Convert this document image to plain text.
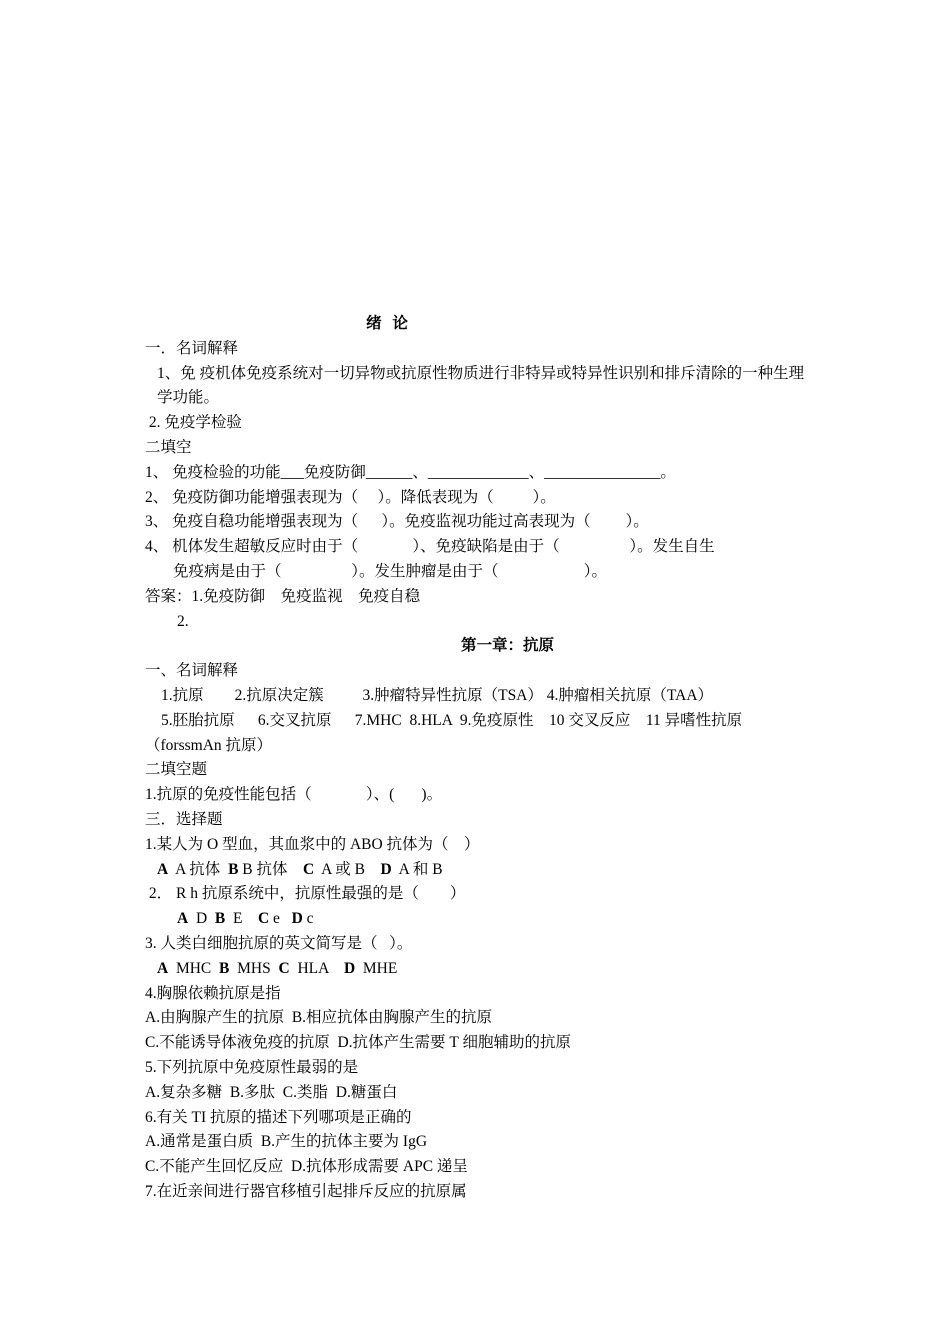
绪  论
一．名词解释
1、免 疫机体免疫系统对一切异物或抗原性物质进行非特异或特异性识别和排斥清除的一种生理学功能。
2. 免疫学检验
二填空
1、 免疫检验的功能___免疫防御______、_____________、_______________。
2、 免疫防御功能增强表现为（     ）。降低表现为（          ）。
3、 免疫自稳功能增强表现为（      ）。免疫监视功能过高表现为（         ）。
4、 机体发生超敏反应时由于（              ）、免疫缺陷是由于（                  ）。发生自生
免疫病是由于（                  ）。发生肿瘤是由于（                      ）。
答案：1.免疫防御    免疫监视    免疫自稳
2.
第一章：抗原
一、名词解释
1.抗原        2.抗原决定簇          3.肿瘤特异性抗原（TSA） 4.肿瘤相关抗原（TAA）
5.胚胎抗原      6.交叉抗原      7.MHC  8.HLA  9.免疫原性    10 交叉反应    11 异嗜性抗原
（forssmAn 抗原）
二填空题
1.抗原的免疫性能包括（              ）、(       )。
三．选择题
1.某人为 O 型血，其血浆中的 ABO 抗体为（    ）
A  A 抗体  B B 抗体    C  A 或 B    D  A 和 B
2． R h 抗原系统中，抗原性最强的是（        ）
A  D  B  E    C e   D c
3. 人类白细胞抗原的英文简写是（   ）。
A  MHC  B  MHS  C  HLA    D  MHE
4.胸腺依赖抗原是指
A.由胸腺产生的抗原  B.相应抗体由胸腺产生的抗原
C.不能诱导体液免疫的抗原  D.抗体产生需要 T 细胞辅助的抗原
5.下列抗原中免疫原性最弱的是
A.复杂多糖  B.多肽  C.类脂  D.糖蛋白
6.有关 TI 抗原的描述下列哪项是正确的
A.通常是蛋白质  B.产生的抗体主要为 IgG
C.不能产生回忆反应  D.抗体形成需要 APC 递呈
7.在近亲间进行器官移植引起排斥反应的抗原属
